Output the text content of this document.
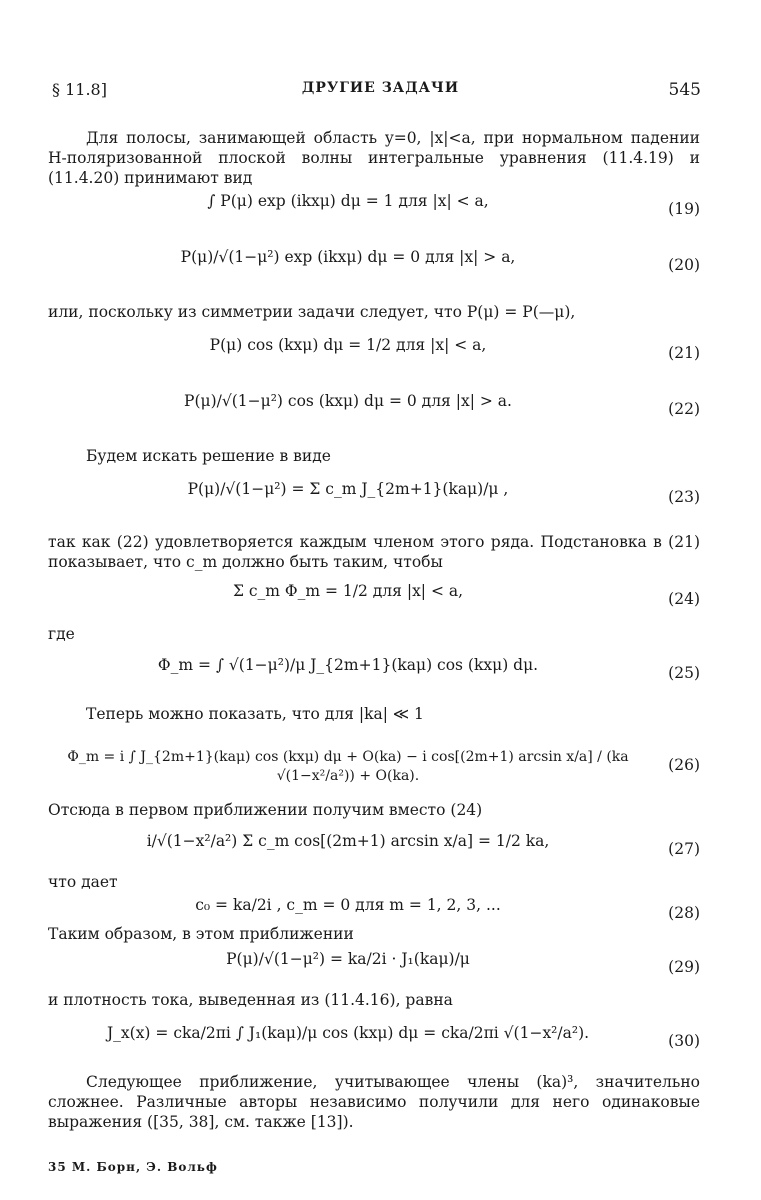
§ 11.8]	ДРУГИЕ ЗАДАЧИ	545
Для полосы, занимающей область y=0, |x|<a, при нормальном падении H-поляризованной плоской волны интегральные уравнения (11.4.19) и (11.4.20) принимают вид
∫ P(μ) exp (ikxμ) dμ = 1 для |x| < a,	(19)
P(μ)/√(1−μ²) exp (ikxμ) dμ = 0 для |x| > a,	(20)
или, поскольку из симметрии задачи следует, что P(μ) = P(—μ),
P(μ) cos (kxμ) dμ = 1/2 для |x| < a,	(21)
P(μ)/√(1−μ²) cos (kxμ) dμ = 0 для |x| > a.	(22)
Будем искать решение в виде
P(μ)/√(1−μ²) = Σ c_m J_{2m+1}(kaμ)/μ ,	(23)
так как (22) удовлетворяется каждым членом этого ряда. Подстановка в (21) показывает, что c_m должно быть таким, чтобы
Σ c_m Φ_m = 1/2 для |x| < a,	(24)
где
Φ_m = ∫ √(1−μ²)/μ J_{2m+1}(kaμ) cos (kxμ) dμ.	(25)
Теперь можно показать, что для |ka| ≪ 1
Φ_m = i ∫ J_{2m+1}(kaμ) cos (kxμ) dμ + O(ka) − i cos[(2m+1) arcsin x/a] / (ka √(1−x²/a²)) + O(ka).
(26)
Отсюда в первом приближении получим вместо (24)
i/√(1−x²/a²) Σ c_m cos[(2m+1) arcsin x/a] = 1/2 ka,	(27)
что дает
c₀ = ka/2i , c_m = 0 для m = 1, 2, 3, ...	(28)
Таким образом, в этом приближении
P(μ)/√(1−μ²) = ka/2i · J₁(kaμ)/μ	(29)
и плотность тока, выведенная из (11.4.16), равна
J_x(x) = cka/2πi ∫ J₁(kaμ)/μ cos (kxμ) dμ = cka/2πi √(1−x²/a²).	(30)
Следующее приближение, учитывающее члены (ka)³, значительно сложнее. Различные авторы независимо получили для него одинаковые выражения ([35, 38], см. также [13]).
35 М. Борн, Э. Вольф
